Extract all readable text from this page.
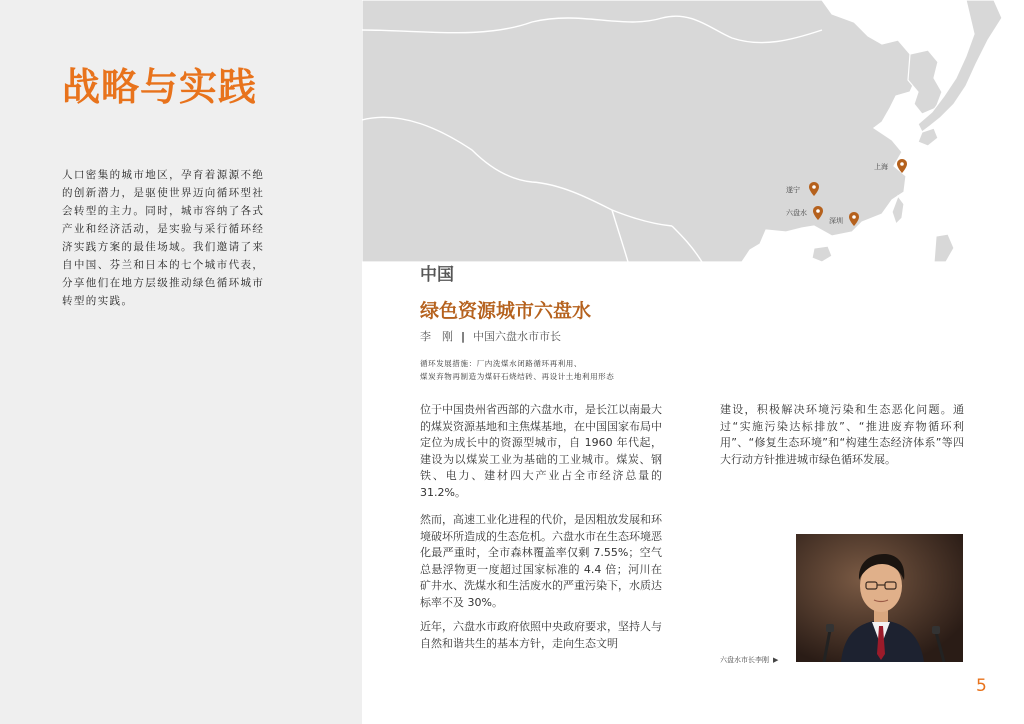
战略与实践

人口密集的城市地区，孕育着源源不绝的创新潜力，是驱使世界迈向循环型社会转型的主力。同时，城市容纳了各式产业和经济活动，是实验与采行循环经济实践方案的最佳场域。我们邀请了来自中国、芬兰和日本的七个城市代表，分享他们在地方层级推动绿色循环城市转型的实践。

上海
遂宁
六盘水
深圳
中国
绿色资源城市六盘水
李　刚 | 中国六盘水市市长
循环发展措施：厂内洗煤水闭路循环再利用、
煤炭弃物再制造为煤矸石烧结砖、再设计土地利用形态

位于中国贵州省西部的六盘水市，是长江以南最大的煤炭资源基地和主焦煤基地，在中国国家布局中定位为成长中的资源型城市，自 1960 年代起，建设为以煤炭工业为基础的工业城市。煤炭、钢铁、电力、建材四大产业占全市经济总量的 31.2%。

然而，高速工业化进程的代价，是因粗放发展和环境破坏所造成的生态危机。六盘水市在生态环境恶化最严重时，全市森林覆盖率仅剩 7.55%；空气总悬浮物更一度超过国家标准的 4.4 倍；河川在矿井水、洗煤水和生活废水的严重污染下，水质达标率不及 30%。

近年，六盘水市政府依照中央政府要求，坚持人与自然和谐共生的基本方针，走向生态文明

建设，积极解决环境污染和生态恶化问题。通过“实施污染达标排放”、“推进废弃物循环利用”、“修复生态环境”和“构建生态经济体系”等四大行动方针推进城市绿色循环发展。

六盘水市长李刚 ▶
5
